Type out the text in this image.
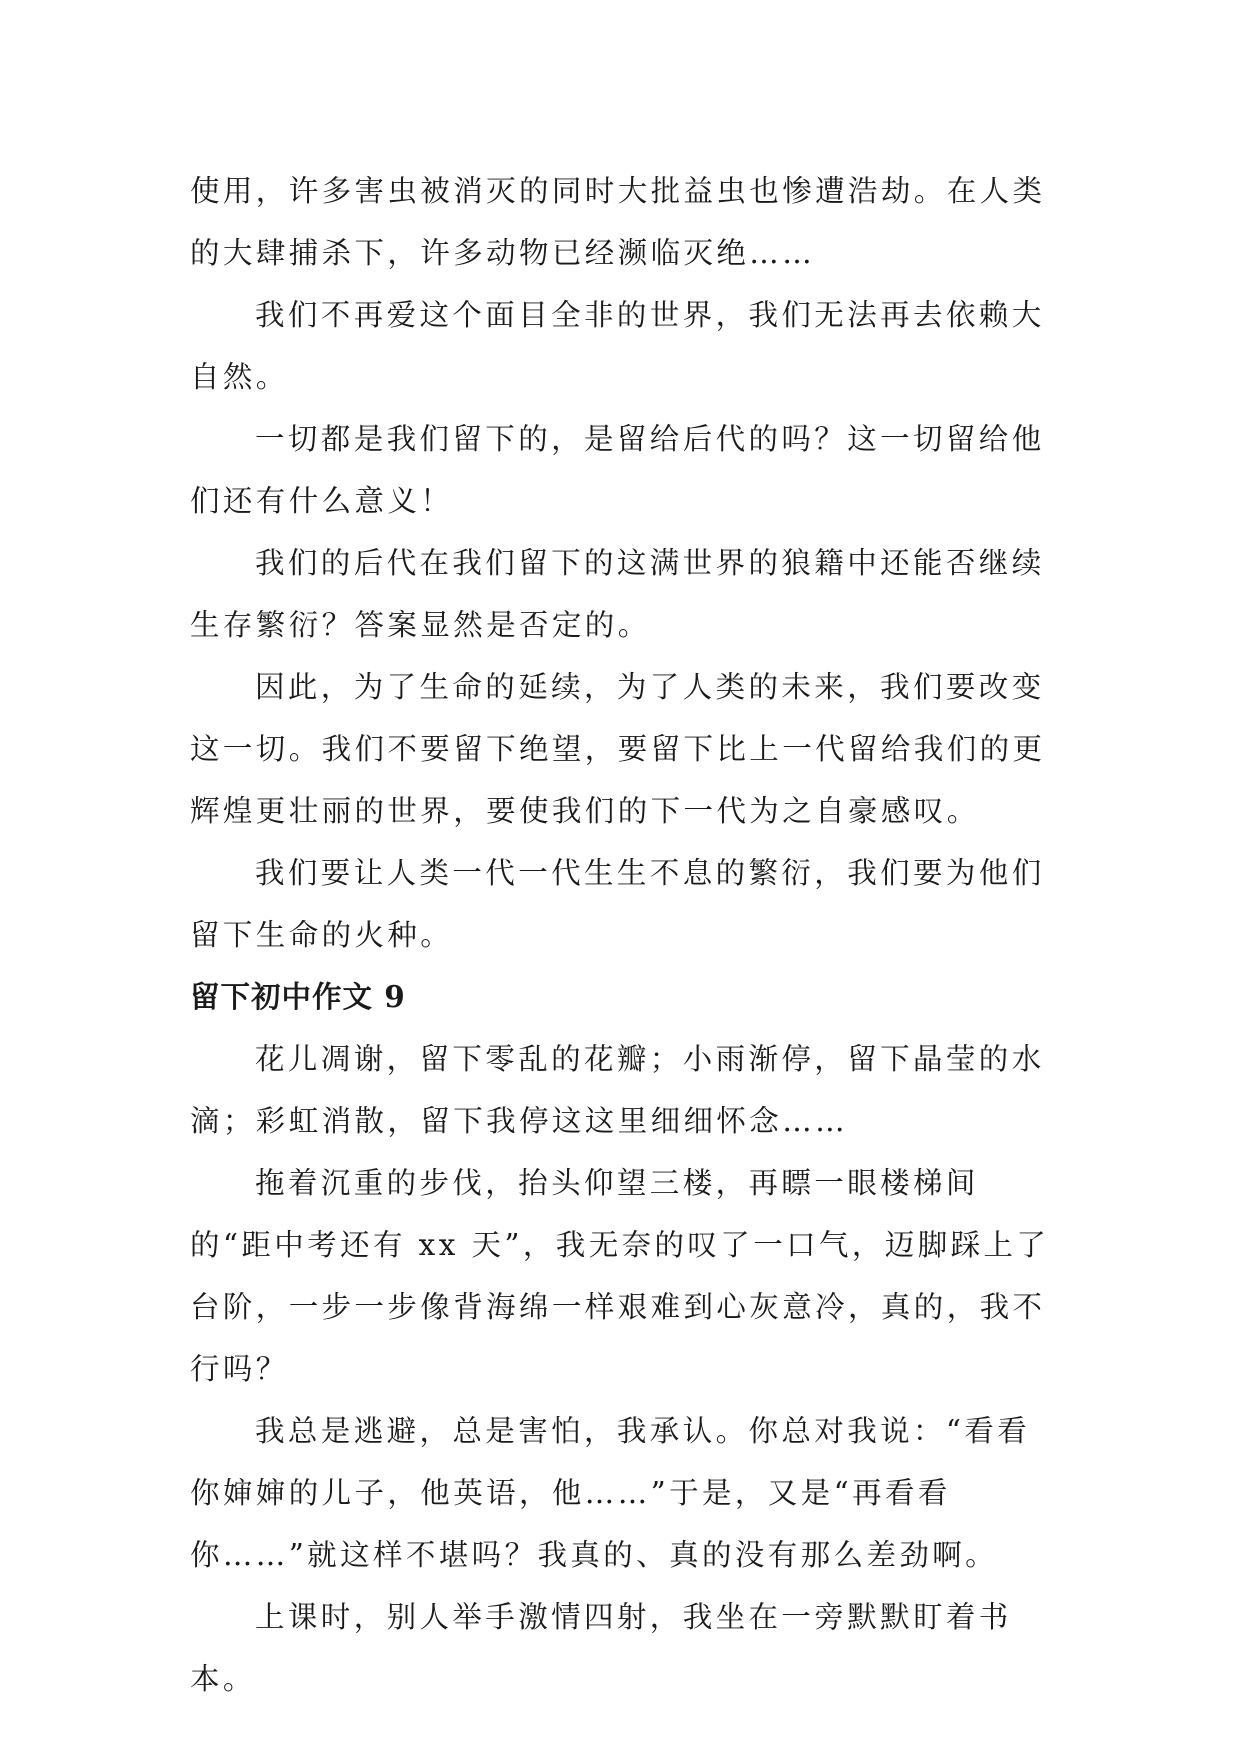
使用，许多害虫被消灭的同时大批益虫也惨遭浩劫。在人类的大肆捕杀下，许多动物已经濒临灭绝……

我们不再爱这个面目全非的世界，我们无法再去依赖大自然。

一切都是我们留下的，是留给后代的吗？这一切留给他们还有什么意义！

我们的后代在我们留下的这满世界的狼籍中还能否继续生存繁衍？答案显然是否定的。

因此，为了生命的延续，为了人类的未来，我们要改变这一切。我们不要留下绝望，要留下比上一代留给我们的更辉煌更壮丽的世界，要使我们的下一代为之自豪感叹。

我们要让人类一代一代生生不息的繁衍，我们要为他们留下生命的火种。

留下初中作文 9

花儿凋谢，留下零乱的花瓣；小雨渐停，留下晶莹的水滴；彩虹消散，留下我停这这里细细怀念……

拖着沉重的步伐，抬头仰望三楼，再瞟一眼楼梯间的“距中考还有 xx 天”，我无奈的叹了一口气，迈脚踩上了台阶，一步一步像背海绵一样艰难到心灰意冷，真的，我不行吗？

我总是逃避，总是害怕，我承认。你总对我说：“看看你婶婶的儿子，他英语，他……”于是，又是“再看看你……”就这样不堪吗？我真的、真的没有那么差劲啊。

上课时，别人举手激情四射，我坐在一旁默默盯着书本。
